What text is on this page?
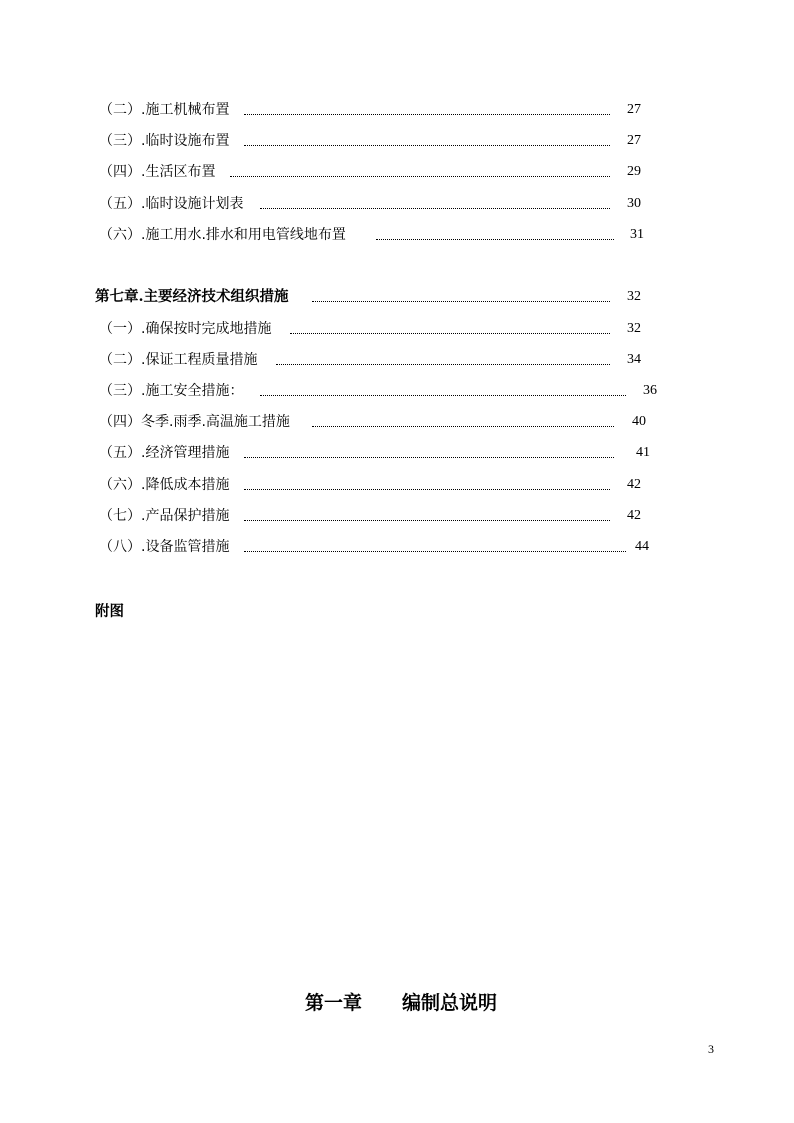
（二）.施工机械布置	27
（三）.临时设施布置	27
（四）.生活区布置	29
（五）.临时设施计划表	30
（六）.施工用水.排水和用电管线地布置	31
第七章.主要经济技术组织措施	32
（一）.确保按时完成地措施	32
（二）.保证工程质量措施	34
（三）.施工安全措施：	36
（四）冬季.雨季.高温施工措施	40
（五）.经济管理措施	41
（六）.降低成本措施	42
（七）.产品保护措施	42
（八）.设备监管措施	44
附图
第一章 编制总说明
3
